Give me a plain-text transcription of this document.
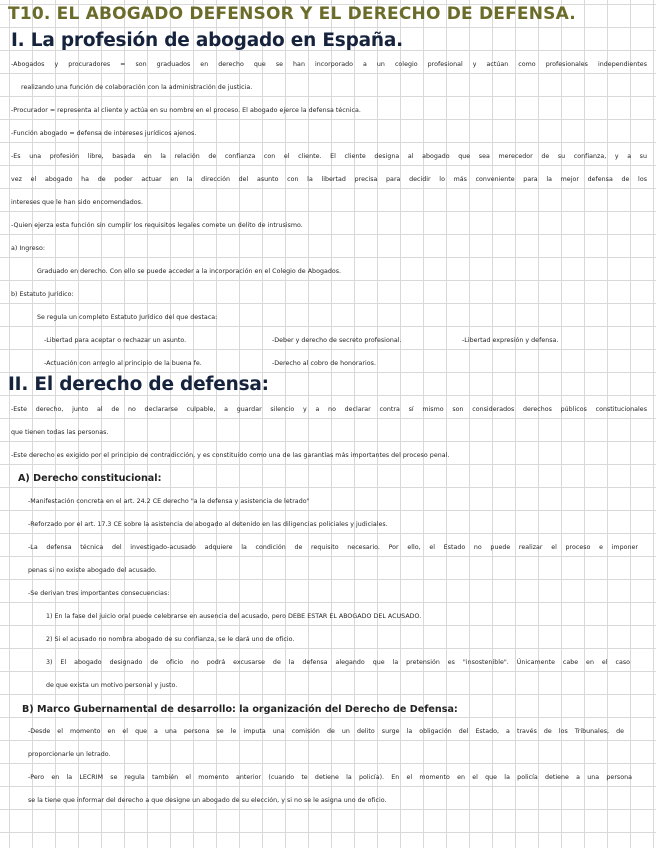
T10. EL ABOGADO DEFENSOR Y EL DERECHO DE DEFENSA.
I. La profesión de abogado en España.
-Abogados y procuradores = son graduados en derecho que se han incorporado a un colegio profesional y actúan como profesionales independientes
realizando una función de colaboración con la administración de justicia.
-Procurador = representa al cliente y actúa en su nombre en el proceso. El abogado ejerce la defensa técnica.
-Función abogado = defensa de intereses jurídicos ajenos.
-Es una profesión libre, basada en la relación de confianza con el cliente. El cliente designa al abogado que sea merecedor de su confianza, y a su
vez el abogado ha de poder actuar en la dirección del asunto con la libertad precisa para decidir lo más conveniente para la mejor defensa de los
intereses que le han sido encomendados.
-Quien ejerza esta función sin cumplir los requisitos legales comete un delito de intrusismo.
a) Ingreso:
Graduado en derecho. Con ello se puede acceder a la incorporación en el Colegio de Abogados.
b) Estatuto Jurídico:
Se regula un completo Estatuto Jurídico del que destaca:
-Libertad para aceptar o rechazar un asunto.	-Deber y derecho de secreto profesional.	-Libertad expresión y defensa.
-Actuación con arreglo al principio de la buena fe.	-Derecho al cobro de honorarios.
II. El derecho de defensa:
-Este derecho, junto al de no declararse culpable, a guardar silencio y a no declarar contra sí mismo son considerados derechos públicos constitucionales
que tienen todas las personas.
-Este derecho es exigido por el principio de contradicción, y es constituido como una de las garantías más importantes del proceso penal.
A) Derecho constitucional:
-Manifestación concreta en el art. 24.2 CE derecho "a la defensa y asistencia de letrado"
-Reforzado por el art. 17.3 CE sobre la asistencia de abogado al detenido en las diligencias policiales y judiciales.
-La defensa técnica del investigado-acusado adquiere la condición de requisito necesario. Por ello, el Estado no puede realizar el proceso e imponer
penas si no existe abogado del acusado.
-Se derivan tres importantes consecuencias:
1) En la fase del juicio oral puede celebrarse en ausencia del acusado, pero DEBE ESTAR EL ABOGADO DEL ACUSADO.
2) Si el acusado no nombra abogado de su confianza, se le dará uno de oficio.
3) El abogado designado de oficio no podrá excusarse de la defensa alegando que la pretensión es "insostenible". Únicamente cabe en el caso
de que exista un motivo personal y justo.
B) Marco Gubernamental de desarrollo: la organización del Derecho de Defensa:
-Desde el momento en el que a una persona se le imputa una comisión de un delito surge la obligación del Estado, a través de los Tribunales, de
proporcionarle un letrado.
-Pero en la LECRIM se regula también el momento anterior (cuando te detiene la policía). En el momento en el que la policía detiene a una persona
se la tiene que informar del derecho a que designe un abogado de su elección, y si no se le asigna uno de oficio.
